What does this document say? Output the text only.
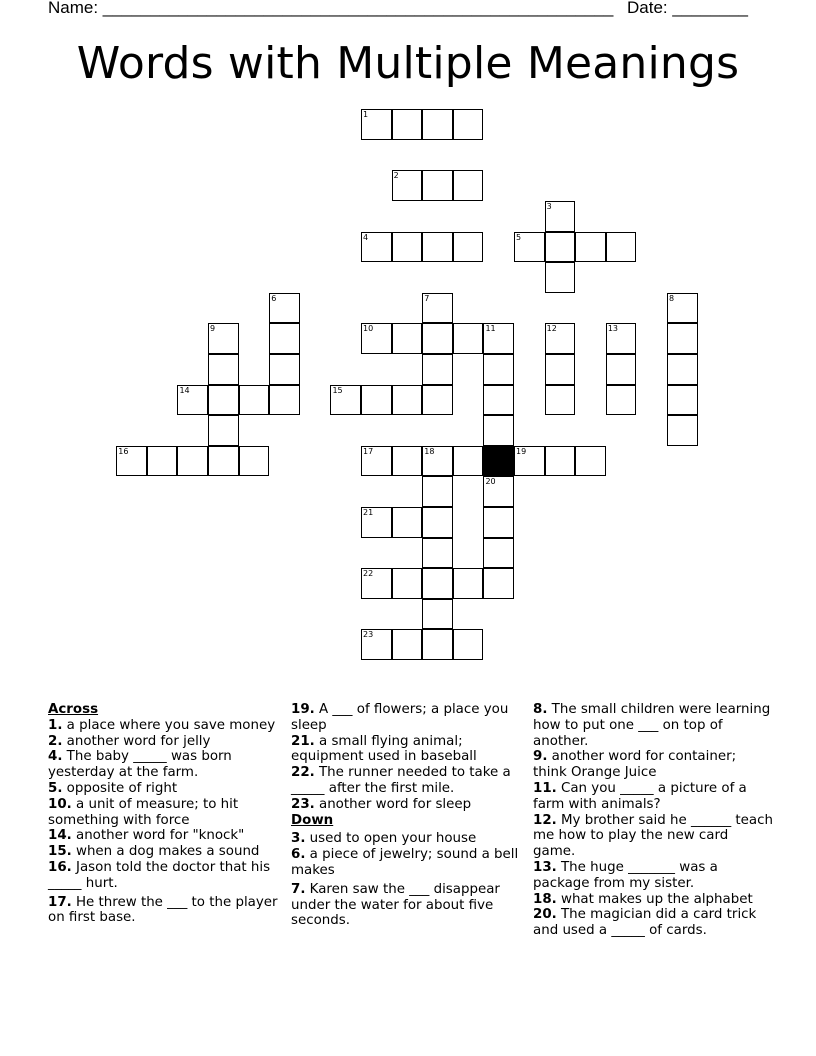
Name: ______________________________________________________ Date: ________
Words with Multiple Meanings
1
2
3
4	5
6	7	8
9	10	11	12	13
14	15
16	17	18	19
20
21
22
23
Across
1. a place where you save money
2. another word for jelly
4. The baby _____ was born yesterday at the farm.
5. opposite of right
10. a unit of measure; to hit something with force
14. another word for "knock"
15. when a dog makes a sound
16. Jason told the doctor that his _____ hurt.
17. He threw the ___ to the player on first base.
19. A ___ of flowers; a place you sleep
21. a small flying animal; equipment used in baseball
22. The runner needed to take a _____ after the first mile.
23. another word for sleep
Down
3. used to open your house
6. a piece of jewelry; sound a bell makes
7. Karen saw the ___ disappear under the water for about five seconds.
8. The small children were learning how to put one ___ on top of another.
9. another word for container; think Orange Juice
11. Can you _____ a picture of a farm with animals?
12. My brother said he ______ teach me how to play the new card game.
13. The huge _______ was a package from my sister.
18. what makes up the alphabet
20. The magician did a card trick and used a _____ of cards.
